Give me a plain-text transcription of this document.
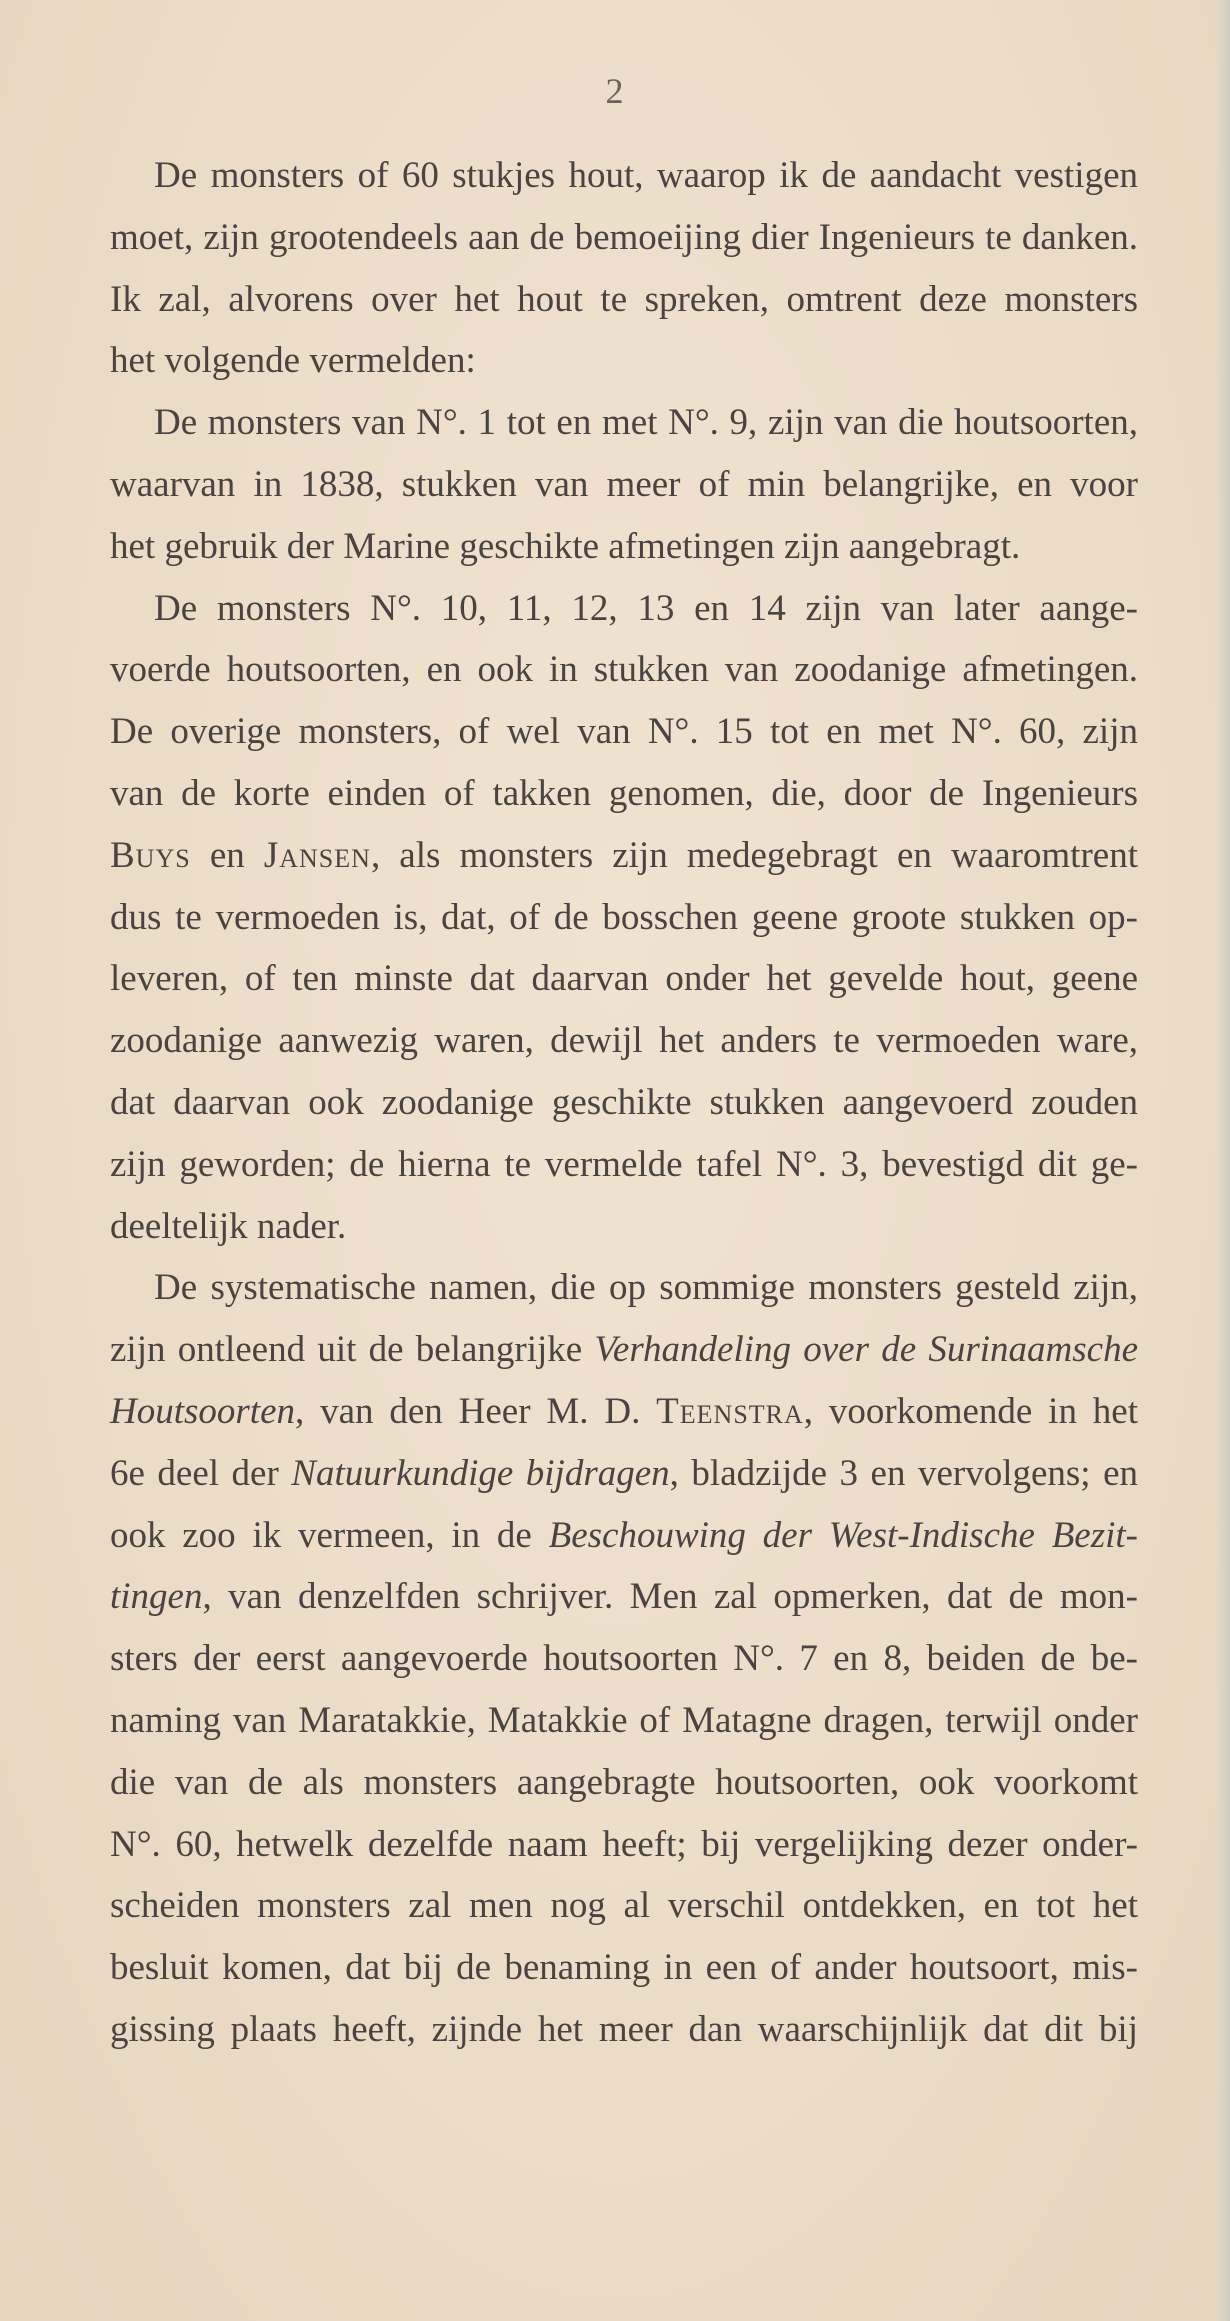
2
De monsters of 60 stukjes hout, waarop ik de aandacht vestigen
moet, zijn grootendeels aan de bemoeijing dier Ingenieurs te danken.
Ik zal, alvorens over het hout te spreken, omtrent deze monsters
het volgende vermelden:
De monsters van N°. 1 tot en met N°. 9, zijn van die houtsoorten,
waarvan in 1838, stukken van meer of min belangrijke, en voor
het gebruik der Marine geschikte afmetingen zijn aangebragt.
De monsters N°. 10, 11, 12, 13 en 14 zijn van later aange-
voerde houtsoorten, en ook in stukken van zoodanige afmetingen.
De overige monsters, of wel van N°. 15 tot en met N°. 60, zijn
van de korte einden of takken genomen, die, door de Ingenieurs
Buys en Jansen, als monsters zijn medegebragt en waaromtrent
dus te vermoeden is, dat, of de bosschen geene groote stukken op-
leveren, of ten minste dat daarvan onder het gevelde hout, geene
zoodanige aanwezig waren, dewijl het anders te vermoeden ware,
dat daarvan ook zoodanige geschikte stukken aangevoerd zouden
zijn geworden; de hierna te vermelde tafel N°. 3, bevestigd dit ge-
deeltelijk nader.
De systematische namen, die op sommige monsters gesteld zijn,
zijn ontleend uit de belangrijke Verhandeling over de Surinaamsche
Houtsoorten, van den Heer M. D. Teenstra, voorkomende in het
6e deel der Natuurkundige bijdragen, bladzijde 3 en vervolgens; en
ook zoo ik vermeen, in de Beschouwing der West-Indische Bezit-
tingen, van denzelfden schrijver. Men zal opmerken, dat de mon-
sters der eerst aangevoerde houtsoorten N°. 7 en 8, beiden de be-
naming van Maratakkie, Matakkie of Matagne dragen, terwijl onder
die van de als monsters aangebragte houtsoorten, ook voorkomt
N°. 60, hetwelk dezelfde naam heeft; bij vergelijking dezer onder-
scheiden monsters zal men nog al verschil ontdekken, en tot het
besluit komen, dat bij de benaming in een of ander houtsoort, mis-
gissing plaats heeft, zijnde het meer dan waarschijnlijk dat dit bij
